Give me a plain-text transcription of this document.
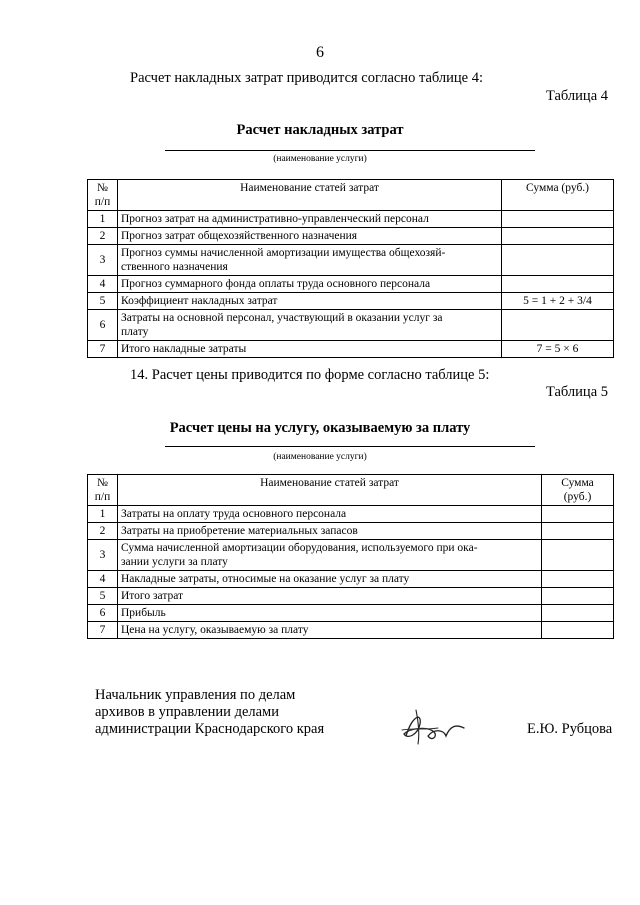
6
Расчет накладных затрат приводится согласно таблице 4:
Таблица 4
Расчет накладных затрат
(наименование услуги)
№
п/п	Наименование статей затрат	Сумма (руб.)
1	Прогноз затрат на административно-управленческий персонал	
2	Прогноз затрат общехозяйственного назначения	
3	Прогноз суммы начисленной амортизации имущества общехозяй-
ственного назначения	
4	Прогноз суммарного фонда оплаты труда основного персонала	
5	Коэффициент накладных затрат	5 = 1 + 2 + 3/4
6	Затраты на основной персонал, участвующий в оказании услуг за
плату	
7	Итого накладные затраты	7 = 5 × 6
14. Расчет цены приводится по форме согласно таблице 5:
Таблица 5
Расчет цены на услугу, оказываемую за плату
(наименование услуги)
№
п/п	Наименование статей затрат	Сумма
(руб.)
1	Затраты на оплату труда основного персонала	
2	Затраты на приобретение материальных запасов	
3	Сумма начисленной амортизации оборудования, используемого при ока-
зании услуги за плату	
4	Накладные затраты, относимые на оказание услуг за плату	
5	Итого затрат	
6	Прибыль	
7	Цена на услугу, оказываемую за плату	
Начальник управления по делам
архивов в управлении делами
администрации Краснодарского края	Е.Ю. Рубцова
